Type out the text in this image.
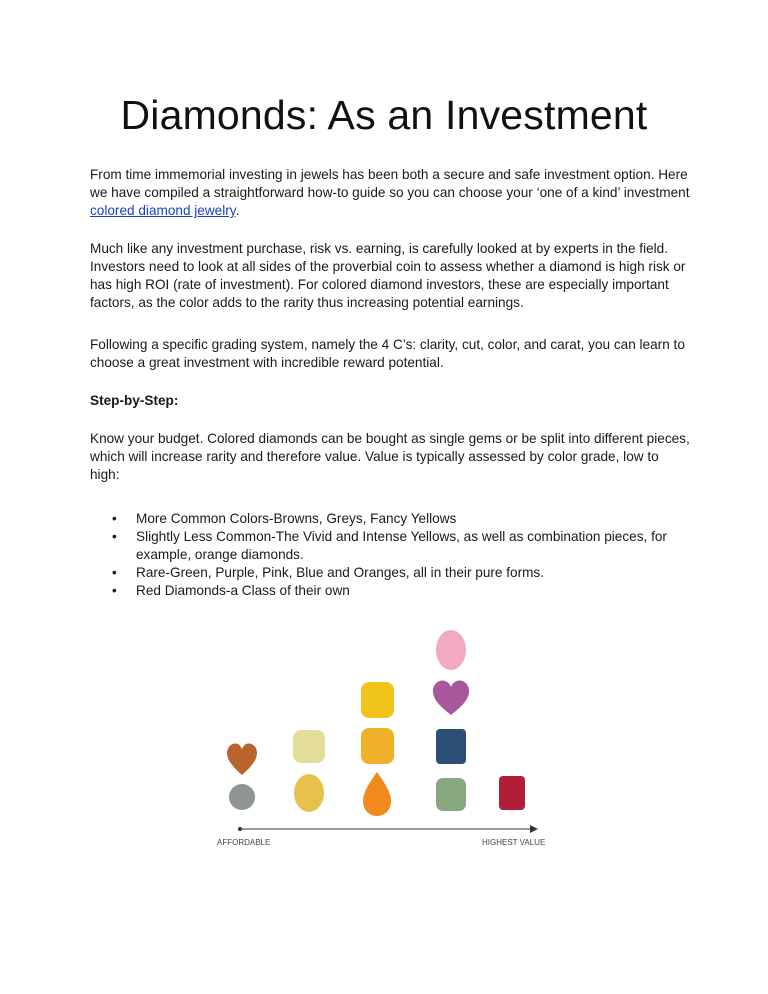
Diamonds: As an Investment

From time immemorial investing in jewels has been both a secure and safe investment option. Here we have compiled a straightforward how-to guide so you can choose your ‘one of a kind’ investment colored diamond jewelry.

Much like any investment purchase, risk vs. earning, is carefully looked at by experts in the field. Investors need to look at all sides of the proverbial coin to assess whether a diamond is high risk or has high ROI (rate of investment). For colored diamond investors, these are especially important factors, as the color adds to the rarity thus increasing potential earnings.

Following a specific grading system, namely the 4 C’s: clarity, cut, color, and carat, you can learn to choose a great investment with incredible reward potential.

Step-by-Step:

Know your budget. Colored diamonds can be bought as single gems or be split into different pieces, which will increase rarity and therefore value. Value is typically assessed by color grade, low to high:

• More Common Colors-Browns, Greys, Fancy Yellows
• Slightly Less Common-The Vivid and Intense Yellows, as well as combination pieces, for example, orange diamonds.
• Rare-Green, Purple, Pink, Blue and Oranges, all in their pure forms.
• Red Diamonds-a Class of their own
AFFORDABLE	HIGHEST VALUE
